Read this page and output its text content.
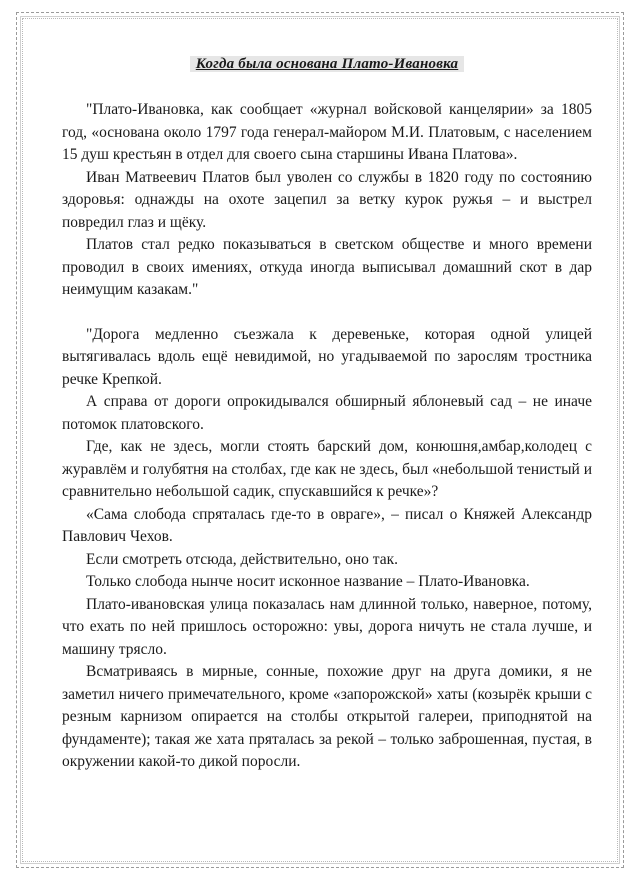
Когда была основана Плато-Ивановка

"Плато-Ивановка, как сообщает «журнал войсковой канцелярии» за 1805 год, «основана около 1797 года генерал-майором М.И. Платовым, с населением 15 душ крестьян в отдел для своего сына старшины Ивана Платова».

Иван Матвеевич Платов был уволен со службы в 1820 году по состоянию здоровья: однажды на охоте зацепил за ветку курок ружья – и выстрел повредил глаз и щёку.

Платов стал редко показываться в светском обществе и много времени проводил в своих имениях, откуда иногда выписывал домашний скот в дар неимущим казакам."

"Дорога медленно съезжала к деревеньке, которая одной улицей вытягивалась вдоль ещё невидимой, но угадываемой по зарослям тростника речке Крепкой.

А справа от дороги опрокидывался обширный яблоневый сад – не иначе потомок платовского.

Где, как не здесь, могли стоять барский дом, конюшня,амбар,колодец с журавлём и голубятня на столбах, где как не здесь, был «небольшой тенистый и сравнительно небольшой садик, спускавшийся к речке»?

«Сама слобода спряталась где-то в овраге», – писал о Княжей Александр Павлович Чехов.

Если смотреть отсюда, действительно, оно так.

Только слобода нынче носит исконное название – Плато-Ивановка.

Плато-ивановская улица показалась нам длинной только, наверное, потому, что ехать по ней пришлось осторожно: увы, дорога ничуть не стала лучше, и машину трясло.

Всматриваясь в мирные, сонные, похожие друг на друга домики, я не заметил ничего примечательного, кроме «запорожской» хаты (козырёк крыши с резным карнизом опирается на столбы открытой галереи, приподнятой на фундаменте); такая же хата пряталась за рекой – только заброшенная, пустая, в окружении какой-то дикой поросли.
